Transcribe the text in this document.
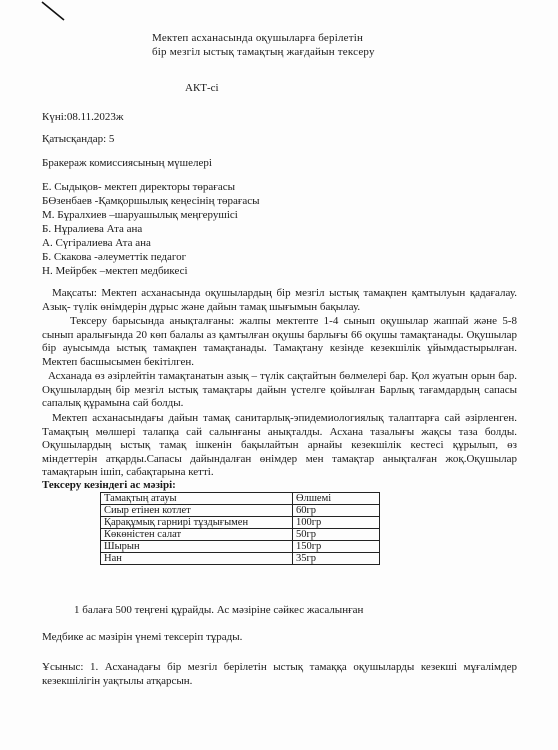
Мектеп асханасында оқушыларға берілетін
бір мезгіл ыстық тамақтың жағдайын тексеру
АКТ-сі
Күні:08.11.2023ж
Қатысқандар: 5
Бракераж комиссиясының мүшелері
Е. Сыдықов- мектеп директоры төрағасы
БӨзенбаев -Қамқоршылық кеңесінің төрағасы
М. Бұралхиев –шаруашылық меңгерушісі
Б. Нұралиева Ата ана
А. Сүгіралиева Ата ана
Б. Скакова -әлеуметтік педагог
Н. Мейрбек –мектеп медбикесі
Мақсаты: Мектеп асханасында оқушылардың бір мезгіл ыстық тамақпен қамтылуын қадағалау. Азық- түлік өнімдерін дұрыс және дайын тамақ шығымын бақылау.
Тексеру барысында анықталғаны: жалпы мектепте 1-4 сынып оқушылар жаппай және 5-8 сынып аралығында 20 көп балалы аз қамтылған оқушы барлығы 66 оқушы тамақтанады. Оқушылар бір ауысымда ыстық тамақпен тамақтанады. Тамақтану кезінде кезекшілік ұйымдастырылған. Мектеп басшысымен бекітілген.
Асханада өз әзірлейтін тамақтанатын азық – түлік сақтайтын бөлмелері бар. Қол жуатын орын бар. Оқушылардың бір мезгіл ыстық тамақтары дайын үстелге қойылған Барлық тағамдардың сапасы сапалық құрамына сай болды.
Мектеп асханасындағы дайын тамақ санитарлық-эпидемиологиялық талаптарға сай әзірленген. Тамақтың мөлшері талапқа сай салынғаны анықталды. Асхана тазалығы жақсы таза болды. Оқушылардың ыстық тамақ ішкенін бақылайтын арнайы кезекшілік кестесі құрылып, өз міндеттерін атқарды.Сапасы дайындалған өнімдер мен тамақтар анықталған жоқ.Оқушылар тамақтарын ішіп, сабақтарына кетті.
Тексеру кезіндегі ас мәзірі:
Тамақтың атауы	Өлшемі
Сиыр етінен котлет	60гр
Қарақұмық гарнирі тұздығымен	100гр
Көкөністен салат	50гр
Шырын	150гр
Нан	35гр
1 балаға 500 теңгені құрайды. Ас мәзіріне сәйкес жасалынған
Медбике ас мәзірін үнемі тексеріп тұрады.
Ұсыныс: 1. Асханадағы бір мезгіл берілетін ыстық тамаққа оқушыларды кезекші мұғалімдер кезекшілігін уақтылы атқарсын.
